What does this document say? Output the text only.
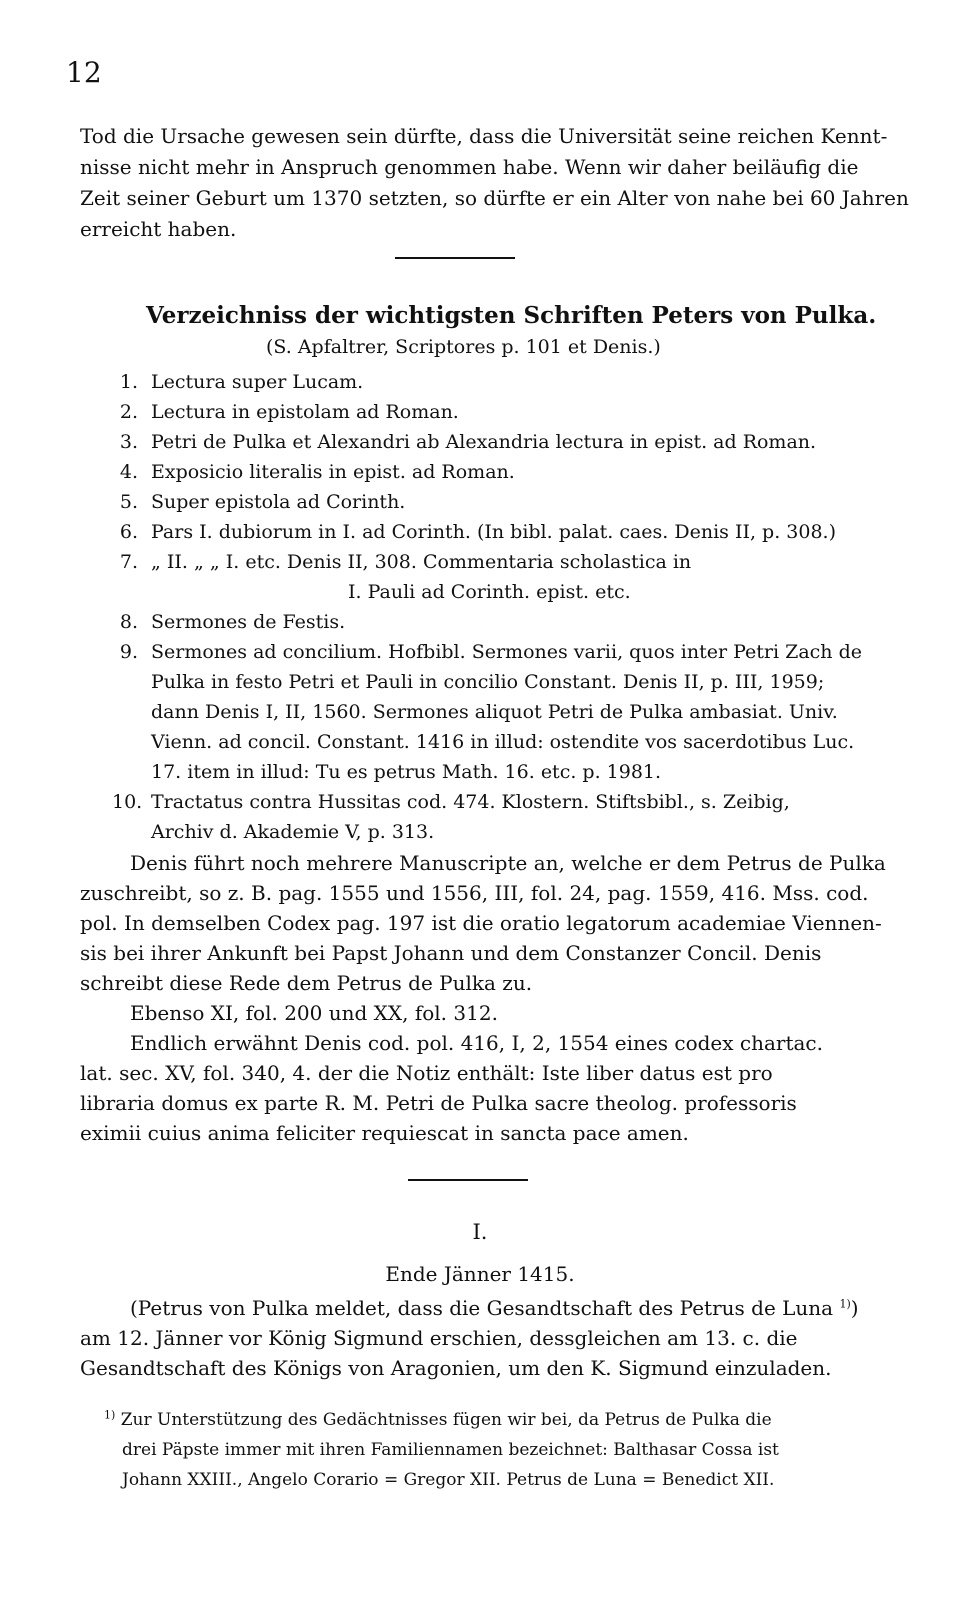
12
Tod die Ursache gewesen sein dürfte, dass die Universität seine reichen Kennt-
nisse nicht mehr in Anspruch genommen habe. Wenn wir daher beiläufig die
Zeit seiner Geburt um 1370 setzten, so dürfte er ein Alter von nahe bei 60 Jahren
erreicht haben.
Verzeichniss der wichtigsten Schriften Peters von Pulka.
(S. Apfaltrer, Scriptores p. 101 et Denis.)
1. Lectura super Lucam.
2. Lectura in epistolam ad Roman.
3. Petri de Pulka et Alexandri ab Alexandria lectura in epist. ad Roman.
4. Exposicio literalis in epist. ad Roman.
5. Super epistola ad Corinth.
6. Pars I. dubiorum in I. ad Corinth. (In bibl. palat. caes. Denis II, p. 308.)
7. „ II. „ „ I. etc. Denis II, 308. Commentaria scholastica in
I. Pauli ad Corinth. epist. etc.
8. Sermones de Festis.
9. Sermones ad concilium. Hofbibl. Sermones varii, quos inter Petri Zach de
Pulka in festo Petri et Pauli in concilio Constant. Denis II, p. III, 1959;
dann Denis I, II, 1560. Sermones aliquot Petri de Pulka ambasiat. Univ.
Vienn. ad concil. Constant. 1416 in illud: ostendite vos sacerdotibus Luc.
17. item in illud: Tu es petrus Math. 16. etc. p. 1981.
10. Tractatus contra Hussitas cod. 474. Klostern. Stiftsbibl., s. Zeibig,
Archiv d. Akademie V, p. 313.
Denis führt noch mehrere Manuscripte an, welche er dem Petrus de Pulka
zuschreibt, so z. B. pag. 1555 und 1556, III, fol. 24, pag. 1559, 416. Mss. cod.
pol. In demselben Codex pag. 197 ist die oratio legatorum academiae Viennen-
sis bei ihrer Ankunft bei Papst Johann und dem Constanzer Concil. Denis
schreibt diese Rede dem Petrus de Pulka zu.
Ebenso XI, fol. 200 und XX, fol. 312.
Endlich erwähnt Denis cod. pol. 416, I, 2, 1554 eines codex chartac.
lat. sec. XV, fol. 340, 4. der die Notiz enthält: Iste liber datus est pro
libraria domus ex parte R. M. Petri de Pulka sacre theolog. professoris
eximii cuius anima feliciter requiescat in sancta pace amen.
I.
Ende Jänner 1415.
(Petrus von Pulka meldet, dass die Gesandtschaft des Petrus de Luna $^{1)}$)
am 12. Jänner vor König Sigmund erschien, dessgleichen am 13. c. die
Gesandtschaft des Königs von Aragonien, um den K. Sigmund einzuladen.
$^{1)}$ Zur Unterstützung des Gedächtnisses fügen wir bei, da Petrus de Pulka die
drei Päpste immer mit ihren Familiennamen bezeichnet: Balthasar Cossa ist
Johann XXIII., Angelo Corario = Gregor XII. Petrus de Luna = Benedict XII.
